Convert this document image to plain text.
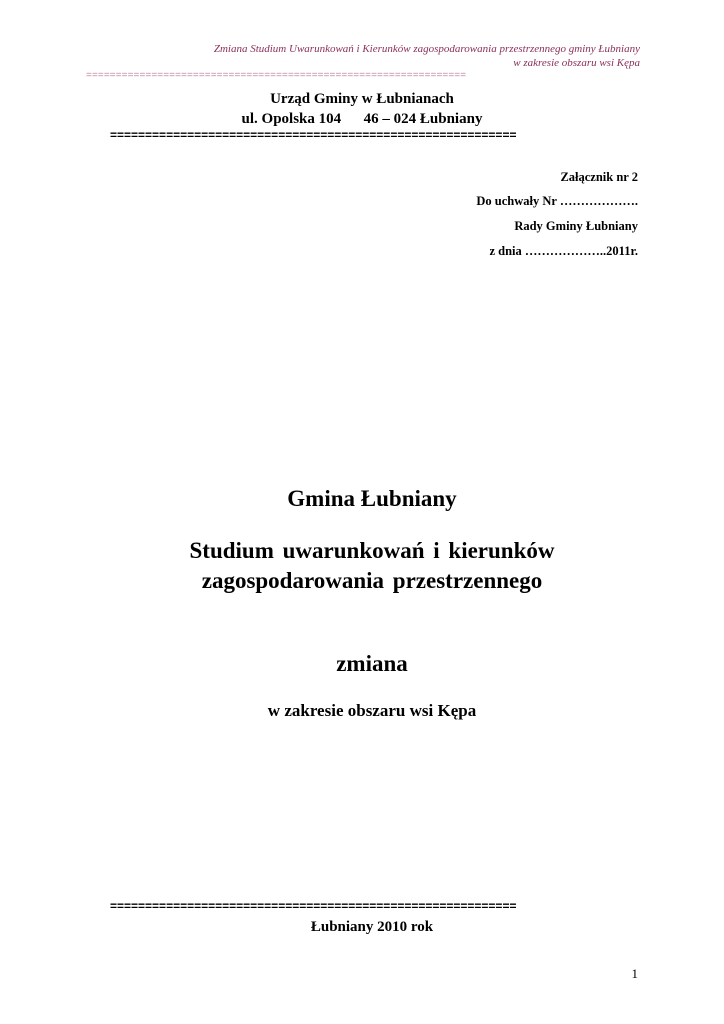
Zmiana Studium Uwarunkowań i Kierunków zagospodarowania przestrzennego gminy Łubniany
w zakresie obszaru wsi Kępa
================================================================
Urząd Gminy w Łubnianach
ul. Opolska 104      46 – 024 Łubniany
==========================================================
Załącznik nr 2
Do uchwały Nr ……………….
Rady Gminy Łubniany
z dnia ………………..2011r.
Gmina Łubniany
Studium uwarunkowań i kierunków
zagospodarowania przestrzennego
zmiana
w zakresie obszaru wsi Kępa
==========================================================
Łubniany 2010 rok
1
